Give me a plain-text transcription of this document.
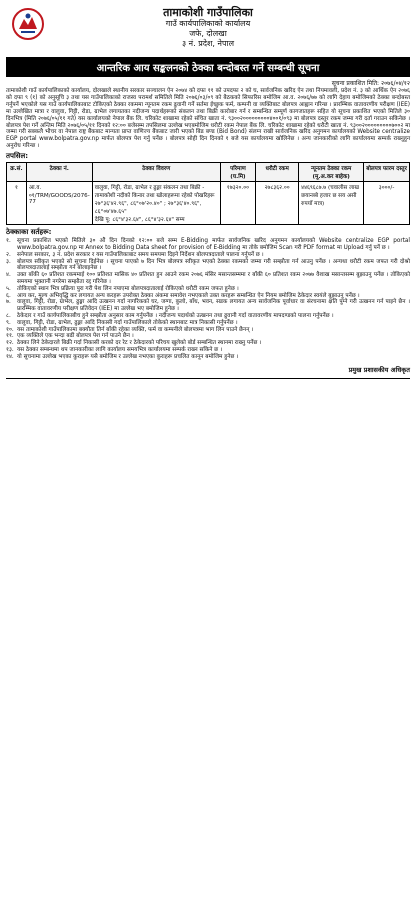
तामाकोशी गाउँपालिका
गाउँ कार्यपालिकाको कार्यालय
जफे, दोलखा
३ नं. प्रदेश, नेपाल
आन्तरिक आय सङ्कलनको ठेक्का बन्दोबस्त गर्ने सम्बन्धी सूचना
सूचना प्रकाशित मिति: २०७६/०४/१२
तामाकोशी गाउँ कार्यपालिकाको कार्यालय, दोलखाले स्थानीय सरकार सञ्चालन ऐन २०७४ को दफा ११ को उपदफा २ को घ, सार्वजनिक खरिद ऐन तथा नियमावली, प्रदेश नं. ३ को आर्थिक ऐन २०७६ को दफा ९ (१) को अनुसूचि ३ तथा यस गाउँपालिकाको राजस्व परामर्श समितिले मिति २०७६/०३/०९ को बैठकको सिफारिस बमोजिम आ.व. २०७६/७७ को लागि देहाय बमोजिमको ठेक्का बन्दोबस्त गर्नुपर्ने भएकोले यस गाउँ कार्यपालिकाबाट टोकिएको ठेक्का रकममा न्यूनतम रकम ढुवानी गर्ने सर्तमा ईच्छुक फर्म, कम्पनी वा व्यक्तिबाट बोलपत्र आह्वान गरिन्छ । प्रारम्भिक वातावरणीय परीक्षण (IEE) मा उल्लेखित मात्रा र वालुवा, गिट्टी, रोडा, ग्राभेल लगायतका नदीजन्य पदार्थहरूको संकलन तथा बिक्री कारोबार गर्न र सम्बन्धित सम्पूर्ण कागजातहरू सहित यो सूचना प्रकाशित भएको मितिले ३० दिनभित्र (मिति २०७६/०५/११ गते) यस कार्यालयको नेपाल बैंक लि. चरिकोट शाखामा रहेको संचित खाता नं. ९३००२०००००००००४००१/०९३ मा बोलपत्र दस्तुर रकम जम्मा गरी दर्ता गराउन सकिनेछ । बोलपत्र पेश गर्ने अन्तिम मिति २०७६/०५/११ दिनको १२:०० बजेसम्म तपसिलमा उल्लेख भएबमोजिम धरौटी रकम नेपाल बैंक लि. चरिकोट शाखामा रहेको धरौटी खाता नं. ९३००२०००००००००७००२ मा जम्मा गरी सक्कलै भौचर वा नेपाल राष्ट्र बैंकबाट मान्यता प्राप्त वाणिज्य बैंकबाट जारी भएको बिड बण्ड (Bid Bond) संलग्न राखी सार्वजनिक खरिद अनुगमन कार्यालयको Website centralize EGP portal www.bolpatra.gov.np मार्फत बोलपत्र पेश गर्नु पर्नेछ । बोलपत्र सोही दिन दिनको १ बजे यस कार्यालयमा खोलिनेछ । अन्य जानकारीको लागि कार्यालयमा सम्पर्क राख्नुहुन अनुरोध गरिन्छ ।
तपसिल:
क्र.सं.	ठेक्का नं.	ठेक्का विवरण	परिमाण (घ.मि)	धरौटी रकम	न्यूनतम ठेक्का रकम (मू.अ.कर बाहेक)	बोलपत्र फारम दस्तुर
१	आ.व. ०१/TRM/GOODS/2076-77	वालुवा, गिट्टी, रोडा, ग्राभेल र ढुङ्गा संकलन तथा बिक्री - तामाकोशी नदीको किनार तथा खोलाहरूमा रहेको पोखरिहरू
२७°३६'४२.९६", ८६°०७'२०.४०" ; २७°३६'४०.९६", ८६°०७'४७.६५"
देखि पू: ८६°४'३२.६४", ८६°४'३२.६४" सम्म	१७३२०.००	२७८३६२.००	४४६९६८७.७ (चवालीस लाख छयानब्बे हजार छ सय असी रुपयाँ मात्र)	३०००/-
ठेक्काका सर्तहरू:
१.	सूचना प्रकाशित भएको मितिले ३० औं दिन दिनको १२:०० बजे सम्म E-Bidding मार्फत सार्वजनिक खरिद अनुगमन कार्यालयको Website centralize EGP portal www.bolpatra.gov.np मा Annex to Bidding Data sheet for provision of E-Bidding मा तोके बमोजिम Scan गरी PDF format मा Upload गर्नु पर्ने छ ।
२.	सनेपाल सरकार, ३ नं. प्रदेश सरकार र यस गाउँपालिकाबाट समय समयमा दिइने निर्देशन बोलपत्रदाताले पालना गर्नुपर्ने छ ।
३.	बोलपत्र स्वीकृत भएको सो सूचना दिईनेछ । सूचना पाएको ७ दिन भित्र बोलपत्र स्वीकृत भएको ठेक्का रकमको जम्मा गरी सम्झौता गर्न आउनु पर्नेछ । अन्यथा धरौटी रकम जफत गरी दोश्रो बोलपत्रदातालाई सम्झौता गर्न बोलाइनेछ ।
४.	उक्त बाँकी ६० प्रतिशत रकममाई १०० प्रतिशत मासिक ४० प्रतिशत हुन आउने रकम २०७६ मंसिर मसान्तसम्ममा र बाँकी ६० प्रतिशत रकम २०७७ वैशाख मसान्तसम्म बुझाउनु पर्नेछ । तोकिएको समयमा भुक्तानी नगरेमा सम्झौता रद्द गरिनेछ ।
५.	तोकिएको स्थान भित्र प्रक्रिया पुरा गरी पेश लिन नपाएमा बोलपत्रदातालाई रोकिएको धरौटी रकम जफत हुनेछ ।
६.	आय कर, मूल्य अभिवृद्धि कर लगायत अन्य करहरू उपरोक्त ठेक्का अंकमा समावेश नभएकाले उक्त करहरू सम्बन्धित ऐन नियम बमोजिम ठेकेदार स्वयंले बुझाउनु पर्नेछ ।
७.	वालुवा, गिट्टी, रोडा, ग्राभेल, ढुङ्गा आदि उत्खनन गर्दा नागरिकको घर, जग्गा, कुलो, बाँध, भवन, सडक लगायत अन्य सार्वजनिक पूर्वाधार वा संरचनामा क्षति पुग्ने गरी उत्खनन गर्न पाइने छैन । प्रारम्भिक वातावरणीय परीक्षण प्रतिवेदन (IEE) मा उल्लेख भए बमोजिम हुनेछ ।
८.	ठेकेदार र गाउँ कार्यपालिकाबीच हुने सम्झौता अनुसार काम गर्नुपर्नेछ । नदीजन्य पदार्थको उत्खनन तथा ढुवानी गर्दा वातावरणीय मापदण्डको पालना गर्नुपर्नेछ ।
९.	वालुवा, गिट्टी, रोडा, ग्राभेल, ढुङ्गा आदि निकासी गर्दा गाउँपालिकाले तोकेको स्थानबाट मात्र निकासी गर्नुपर्नेछ ।
१०. यस तामाकोशी गाउँपालिकामा बक्यौता तिर्न बाँकी रहेका व्यक्ति, फर्म वा कम्पनीले बोलपत्रमा भाग लिन पाउने छैनन् ।
११. एक व्यक्तिले एक भन्दा बढी बोलपत्र पेश गर्न पाउने छैन ।
१२. ठेक्का लिने ठेकेदारले बिक्री गर्दा निकासी करको दर रेट र ठेकेदारको परिचय खुलेको बोर्ड सम्बन्धित स्थानमा राख्नु पर्नेछ ।
१३. यस ठेक्का सम्बन्धमा थप जानकारीका लागि कार्यालय समयभित्र कार्यालयमा सम्पर्क राख्न सकिने छ ।
१४. यो सूचनामा उल्लेख भएका कुराहरू यसै बमोजिम र उल्लेख नभएका कुराहरू प्रचलित कानून बमोजिम हुनेछ ।
प्रमुख प्रशासकीय अधिकृत
